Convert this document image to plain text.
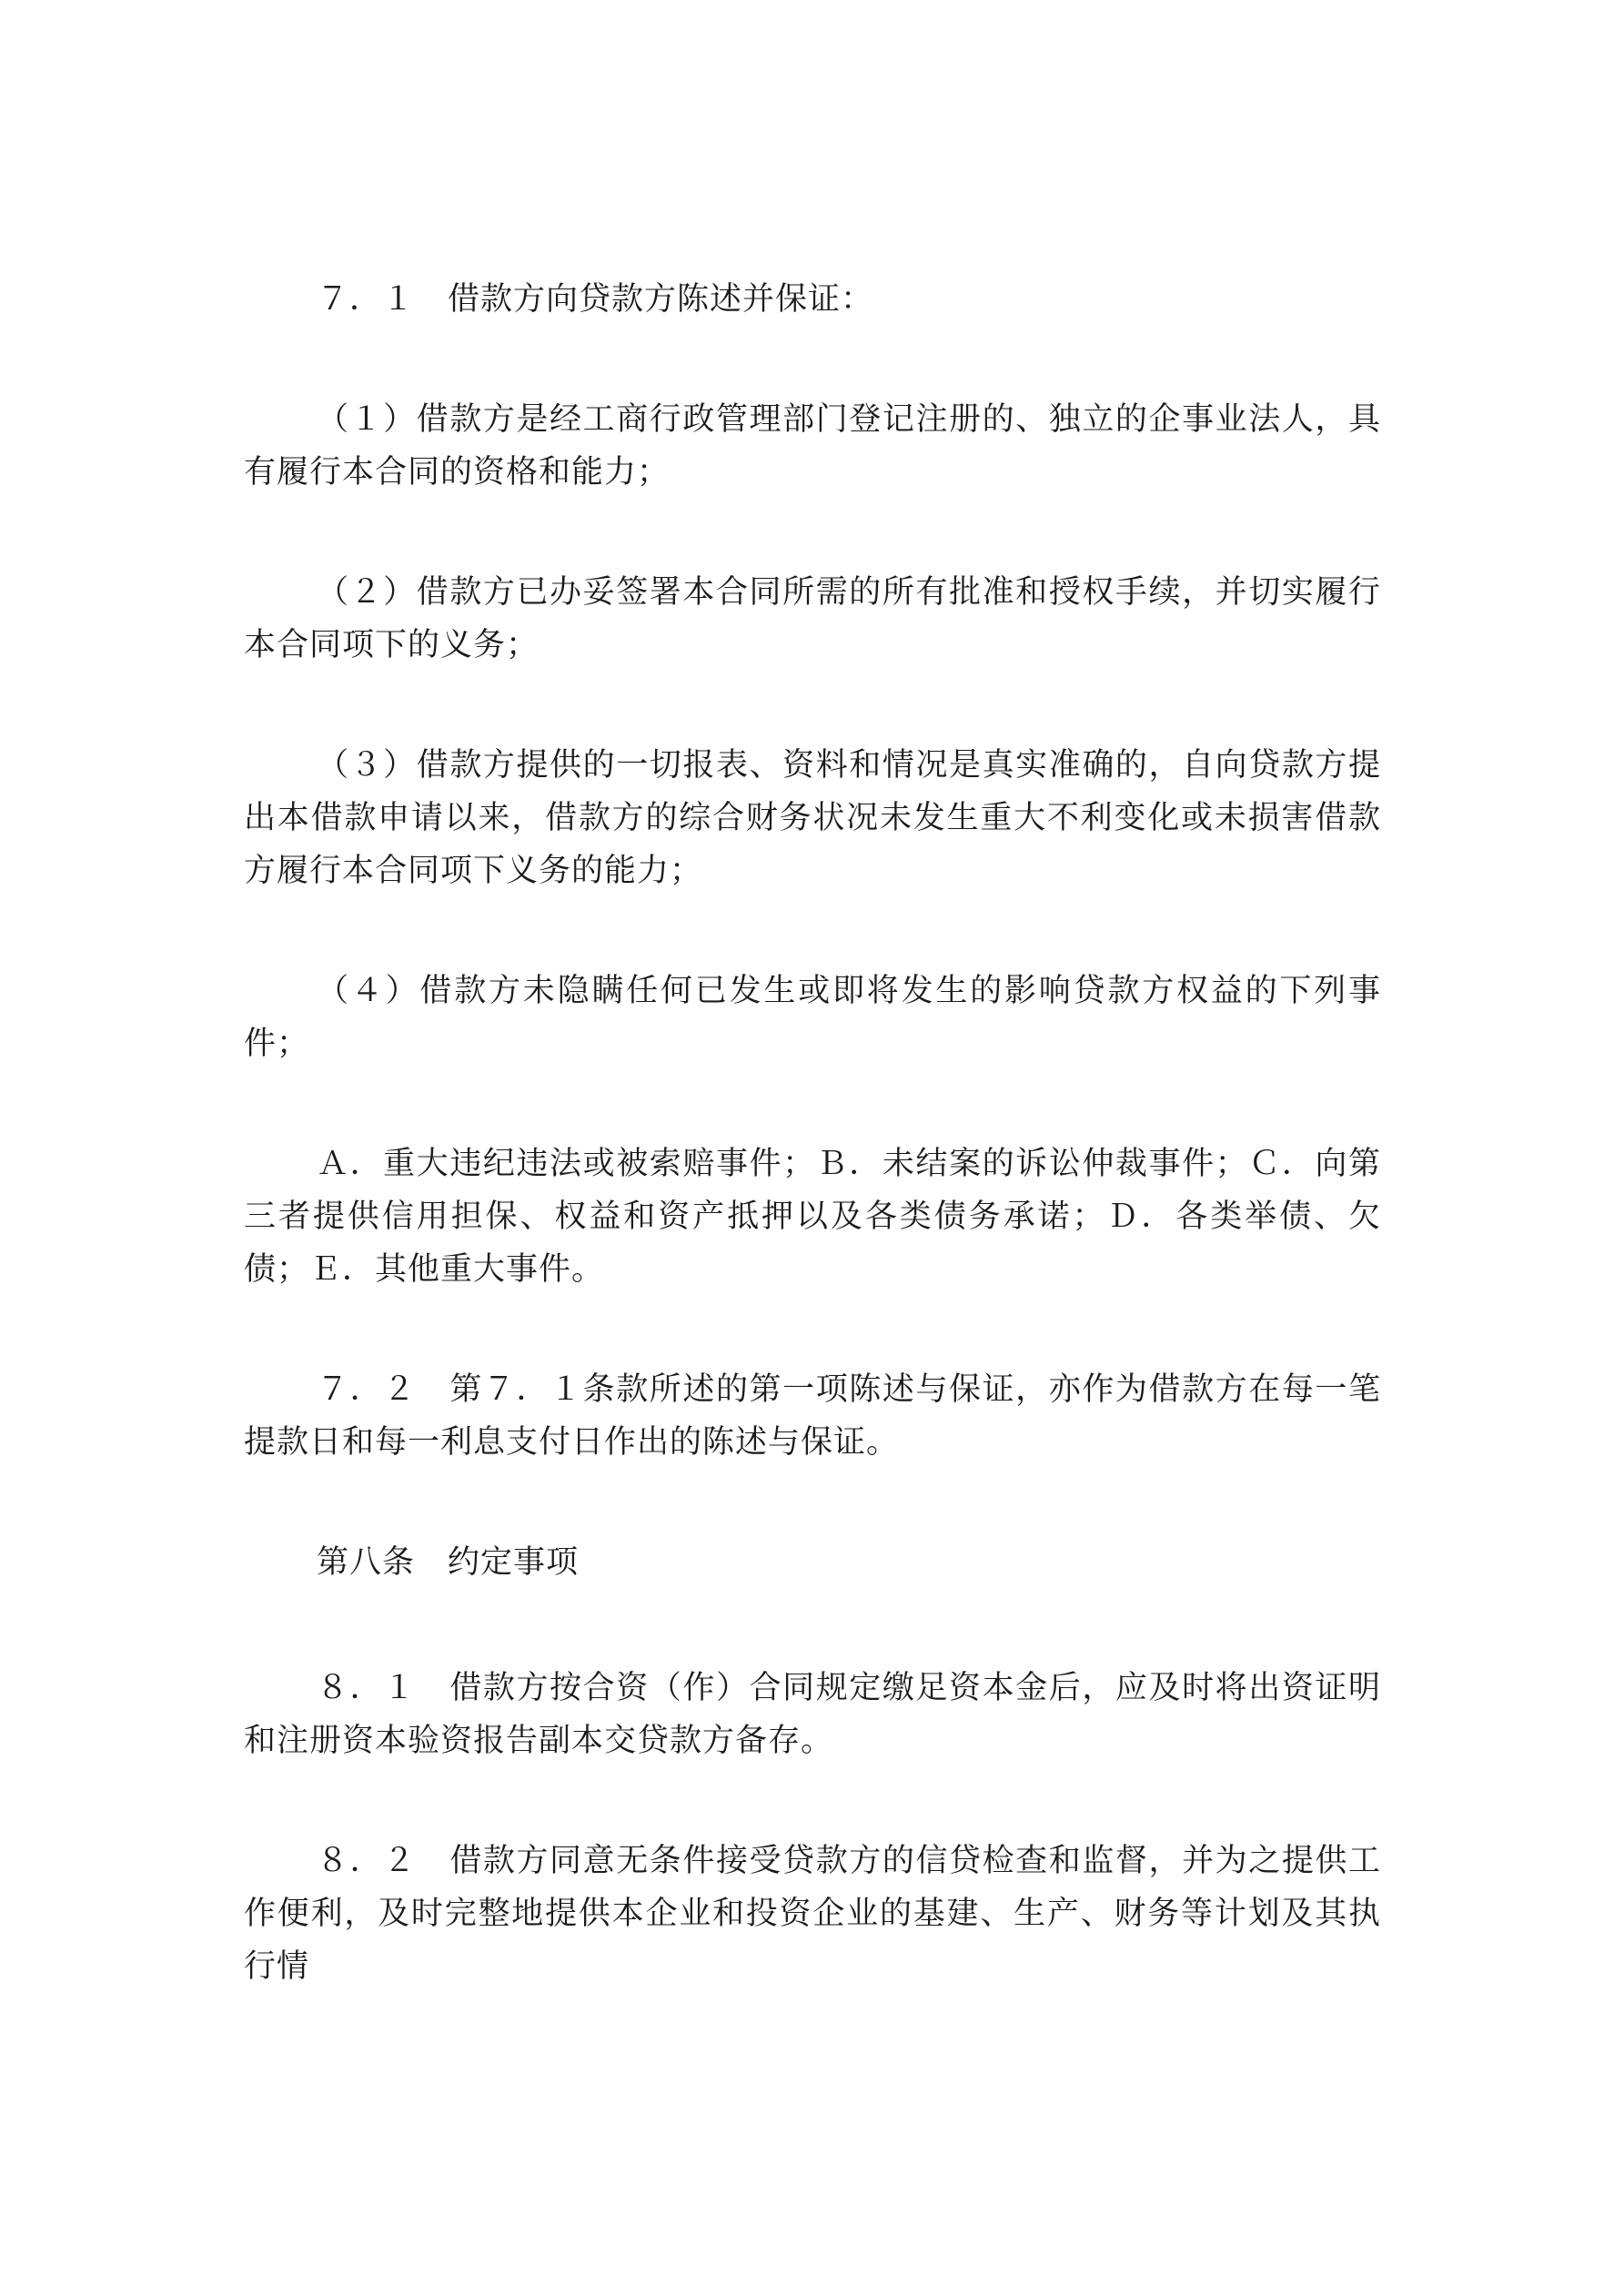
７．１　借款方向贷款方陈述并保证：

（１）借款方是经工商行政管理部门登记注册的、独立的企事业法人，具有履行本合同的资格和能力；

（２）借款方已办妥签署本合同所需的所有批准和授权手续，并切实履行本合同项下的义务；

（３）借款方提供的一切报表、资料和情况是真实准确的，自向贷款方提出本借款申请以来，借款方的综合财务状况未发生重大不利变化或未损害借款方履行本合同项下义务的能力；

（４）借款方未隐瞒任何已发生或即将发生的影响贷款方权益的下列事件；

Ａ．重大违纪违法或被索赔事件；Ｂ．未结案的诉讼仲裁事件；Ｃ．向第三者提供信用担保、权益和资产抵押以及各类债务承诺；Ｄ．各类举债、欠债；Ｅ．其他重大事件。

７．２　第７．１条款所述的第一项陈述与保证，亦作为借款方在每一笔提款日和每一利息支付日作出的陈述与保证。

第八条　约定事项

８．１　借款方按合资（作）合同规定缴足资本金后，应及时将出资证明和注册资本验资报告副本交贷款方备存。

８．２　借款方同意无条件接受贷款方的信贷检查和监督，并为之提供工作便利，及时完整地提供本企业和投资企业的基建、生产、财务等计划及其执行情
